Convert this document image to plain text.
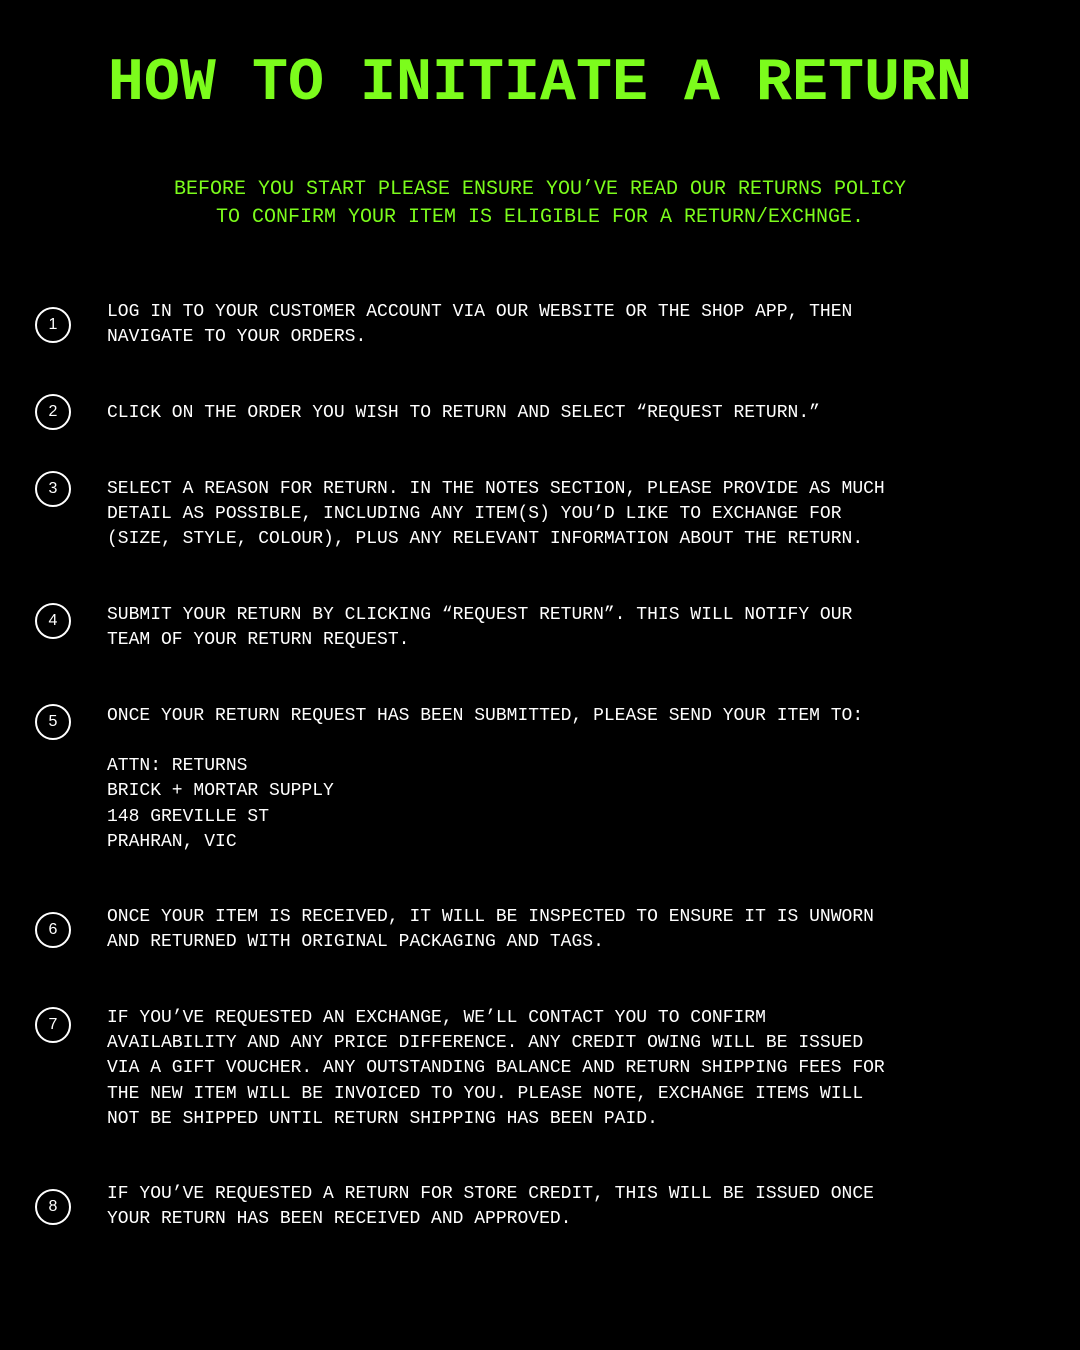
HOW TO INITIATE A RETURN
BEFORE YOU START PLEASE ENSURE YOU’VE READ OUR RETURNS POLICY
TO CONFIRM YOUR ITEM IS ELIGIBLE FOR A RETURN/EXCHNGE.
1
LOG IN TO YOUR CUSTOMER ACCOUNT VIA OUR WEBSITE OR THE SHOP APP, THEN
NAVIGATE TO YOUR ORDERS.
2	CLICK ON THE ORDER YOU WISH TO RETURN AND SELECT “REQUEST RETURN.”
3	SELECT A REASON FOR RETURN. IN THE NOTES SECTION, PLEASE PROVIDE AS MUCH
DETAIL AS POSSIBLE, INCLUDING ANY ITEM(S) YOU’D LIKE TO EXCHANGE FOR
(SIZE, STYLE, COLOUR), PLUS ANY RELEVANT INFORMATION ABOUT THE RETURN.
4	SUBMIT YOUR RETURN BY CLICKING “REQUEST RETURN”. THIS WILL NOTIFY OUR
TEAM OF YOUR RETURN REQUEST.
5	ONCE YOUR RETURN REQUEST HAS BEEN SUBMITTED, PLEASE SEND YOUR ITEM TO:
ATTN: RETURNS
BRICK + MORTAR SUPPLY
148 GREVILLE ST
PRAHRAN, VIC
6
ONCE YOUR ITEM IS RECEIVED, IT WILL BE INSPECTED TO ENSURE IT IS UNWORN
AND RETURNED WITH ORIGINAL PACKAGING AND TAGS.
7	IF YOU’VE REQUESTED AN EXCHANGE, WE’LL CONTACT YOU TO CONFIRM
AVAILABILITY AND ANY PRICE DIFFERENCE. ANY CREDIT OWING WILL BE ISSUED
VIA A GIFT VOUCHER. ANY OUTSTANDING BALANCE AND RETURN SHIPPING FEES FOR
THE NEW ITEM WILL BE INVOICED TO YOU. PLEASE NOTE, EXCHANGE ITEMS WILL
NOT BE SHIPPED UNTIL RETURN SHIPPING HAS BEEN PAID.
8
IF YOU’VE REQUESTED A RETURN FOR STORE CREDIT, THIS WILL BE ISSUED ONCE
YOUR RETURN HAS BEEN RECEIVED AND APPROVED.
